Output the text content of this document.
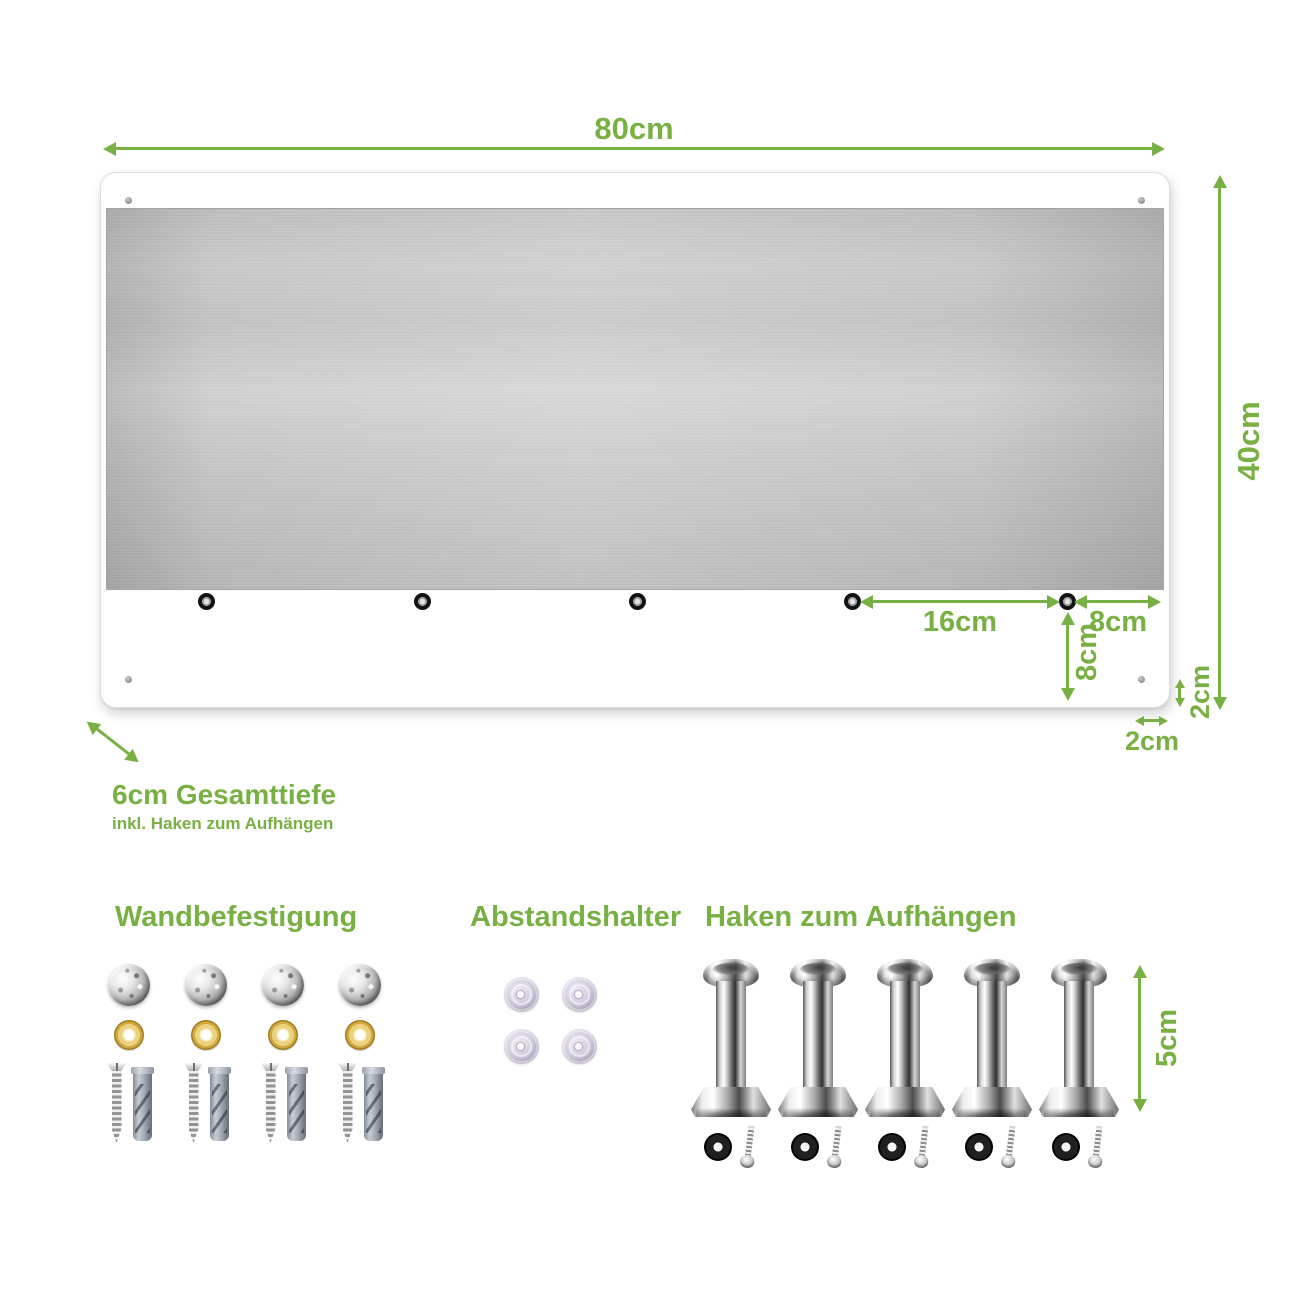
80cm
40cm
16cm	8cm
8cm
2cm
2cm
6cm Gesamttiefe
inkl. Haken zum Aufhängen
Wandbefestigung	Abstandshalter Haken zum Aufhängen
5cm
